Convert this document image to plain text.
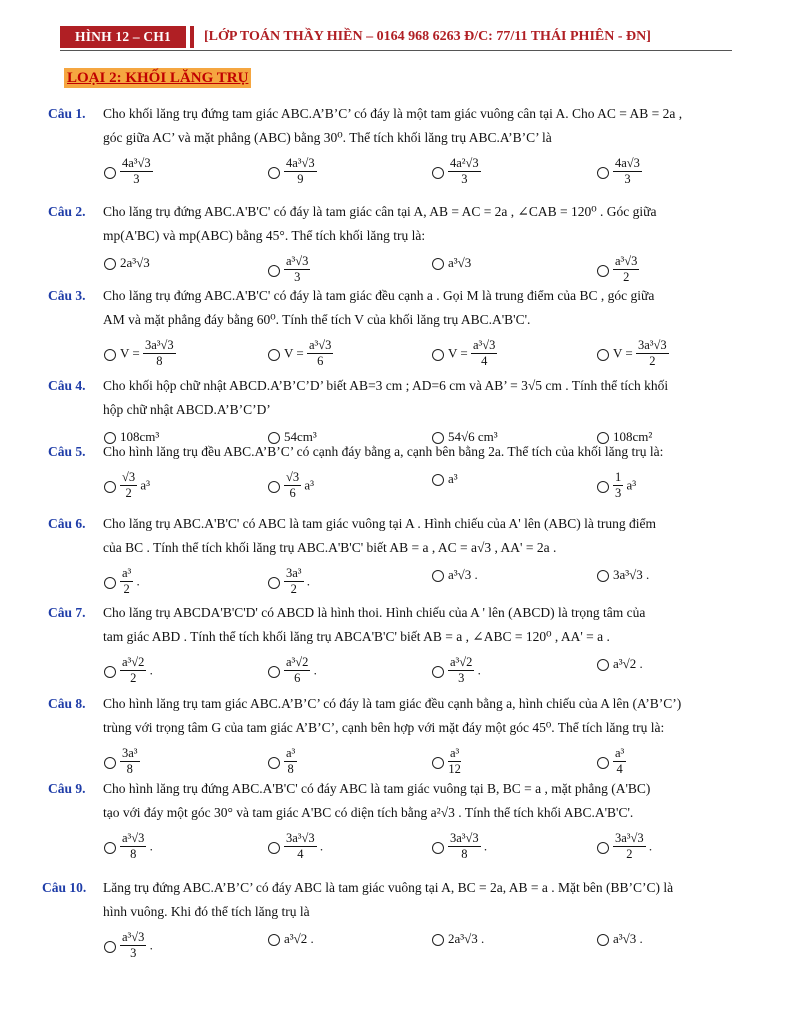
HÌNH 12 – CH1	[LỚP TOÁN THẦY HIỀN – 0164 968 6263 Đ/C: 77/11 THÁI PHIÊN - ĐN]
LOẠI 2: KHỐI LĂNG TRỤ
Câu 1.	Cho khối lăng trụ đứng tam giác ABC.A’B’C’ có đáy là một tam giác vuông cân tại A. Cho AC = AB = 2a ,
góc giữa AC’ và mặt phẳng (ABC) bằng 30⁰. Thể tích khối lăng trụ ABC.A’B’C’ là
$\frac{\text{4a³√3}}{3}$	$\frac{\text{4a³√3}}{9}$	$\frac{\text{4a²√3}}{3}$	$\frac{4a√3}{3}$
Câu 2.	Cho lăng trụ đứng ABC.A'B'C' có đáy là tam giác cân tại A, AB = AC = 2a , ∠CAB = 120⁰ . Góc giữa
mp(A'BC) và mp(ABC) bằng 45°. Thể tích khối lăng trụ là:
2a³√3	$\frac{\text{a³√3}}{3}$	a³√3	$\frac{\text{a³√3}}{2}$
Câu 3.	Cho lăng trụ đứng ABC.A'B'C' có đáy là tam giác đều cạnh a . Gọi M là trung điểm của BC , góc giữa
AM và mặt phẳng đáy bằng 60⁰. Tính thể tích V của khối lăng trụ ABC.A'B'C'.
$V = \frac{\text{3a³√3}}{8}$	$V = \frac{\text{a³√3}}{6}$	$V = \frac{\text{a³√3}}{4}$	$V = \frac{\text{3a³√3}}{2}$
Câu 4.	Cho khối hộp chữ nhật ABCD.A’B’C’D’ biết AB=3 cm ; AD=6 cm và AB’ = 3√5 cm . Tính thể tích khối
hộp chữ nhật ABCD.A’B’C’D’
108cm³	54cm³	54√6 cm³	108cm²
Câu 5.	Cho hình lăng trụ đều ABC.A’B’C’ có cạnh đáy bằng a, cạnh bên bằng 2a. Thể tích của khối lăng trụ là:
$\frac{√3}{2} a^3$	$\frac{√3}{6} a^3$	a³	$\frac{1}{3} a^3$
Câu 6.	Cho lăng trụ ABC.A'B'C' có ABC là tam giác vuông tại A . Hình chiếu của A' lên (ABC) là trung điểm
của BC . Tính thể tích khối lăng trụ ABC.A'B'C' biết AB = a , AC = a√3 , AA' = 2a .
$\frac{\text{a³}}{2}$ .	$\frac{\text{3a³}}{2}$ .	a³√3 .	3a³√3 .
Câu 7.	Cho lăng trụ ABCDA'B'C'D' có ABCD là hình thoi. Hình chiếu của A ' lên (ABCD) là trọng tâm của
tam giác ABD . Tính thể tích khối lăng trụ ABCA'B'C' biết AB = a , ∠ABC = 120⁰ , AA' = a .
$\frac{\text{a³√2}}{2}$ .	$\frac{\text{a³√2}}{6}$ .	$\frac{\text{a³√2}}{3}$ .	a³√2 .
Câu 8.	Cho hình lăng trụ tam giác ABC.A’B’C’ có đáy là tam giác đều cạnh bằng a, hình chiếu của A lên (A’B’C’)
trùng với trọng tâm G của tam giác A’B’C’, cạnh bên hợp với mặt đáy một góc 45⁰. Thể tích lăng trụ là:
$\frac{\text{3a³}}{8}$	$\frac{\text{a³}}{8}$	$\frac{\text{a³}}{12}$	$\frac{\text{a³}}{4}$
Câu 9.	Cho hình lăng trụ đứng ABC.A'B'C' có đáy ABC là tam giác vuông tại B, BC = a , mặt phẳng (A'BC)
tạo với đáy một góc 30° và tam giác A'BC có diện tích bằng a²√3 . Tính thể tích khối ABC.A'B'C'.
$\frac{\text{a³√3}}{8}$ .	$\frac{\text{3a³√3}}{4}$ .	$\frac{\text{3a³√3}}{8}$ .	$\frac{\text{3a³√3}}{2}$ .
Câu 10.	Lăng trụ đứng ABC.A’B’C’ có đáy ABC là tam giác vuông tại A, BC = 2a, AB = a . Mặt bên (BB’C’C) là
hình vuông. Khi đó thể tích lăng trụ là
$\frac{\text{a³√3}}{3}$ .	a³√2 .	2a³√3 .	a³√3 .
